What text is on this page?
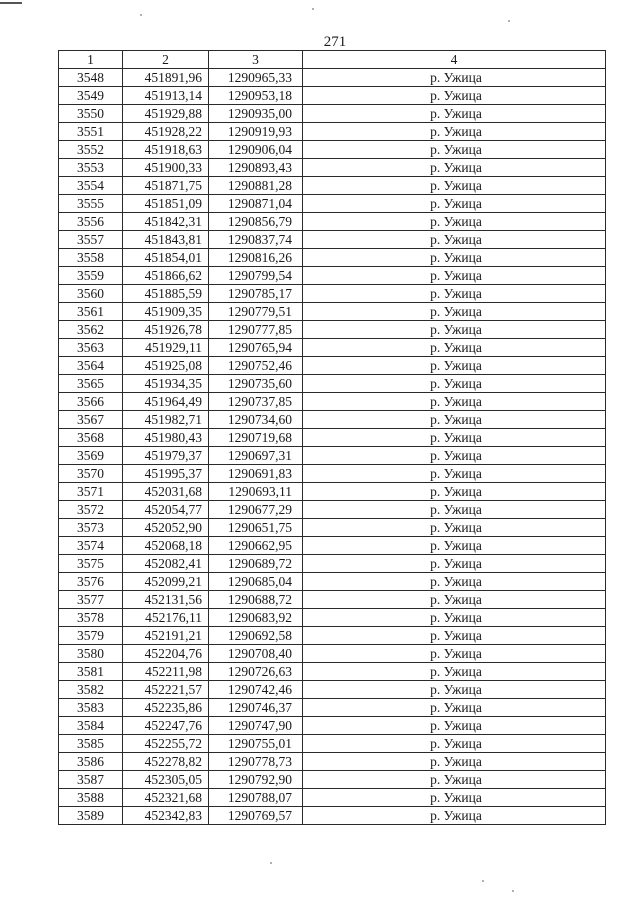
271
1	2	3	4
3548	451891,96	1290965,33	р. Ужица
3549	451913,14	1290953,18	р. Ужица
3550	451929,88	1290935,00	р. Ужица
3551	451928,22	1290919,93	р. Ужица
3552	451918,63	1290906,04	р. Ужица
3553	451900,33	1290893,43	р. Ужица
3554	451871,75	1290881,28	р. Ужица
3555	451851,09	1290871,04	р. Ужица
3556	451842,31	1290856,79	р. Ужица
3557	451843,81	1290837,74	р. Ужица
3558	451854,01	1290816,26	р. Ужица
3559	451866,62	1290799,54	р. Ужица
3560	451885,59	1290785,17	р. Ужица
3561	451909,35	1290779,51	р. Ужица
3562	451926,78	1290777,85	р. Ужица
3563	451929,11	1290765,94	р. Ужица
3564	451925,08	1290752,46	р. Ужица
3565	451934,35	1290735,60	р. Ужица
3566	451964,49	1290737,85	р. Ужица
3567	451982,71	1290734,60	р. Ужица
3568	451980,43	1290719,68	р. Ужица
3569	451979,37	1290697,31	р. Ужица
3570	451995,37	1290691,83	р. Ужица
3571	452031,68	1290693,11	р. Ужица
3572	452054,77	1290677,29	р. Ужица
3573	452052,90	1290651,75	р. Ужица
3574	452068,18	1290662,95	р. Ужица
3575	452082,41	1290689,72	р. Ужица
3576	452099,21	1290685,04	р. Ужица
3577	452131,56	1290688,72	р. Ужица
3578	452176,11	1290683,92	р. Ужица
3579	452191,21	1290692,58	р. Ужица
3580	452204,76	1290708,40	р. Ужица
3581	452211,98	1290726,63	р. Ужица
3582	452221,57	1290742,46	р. Ужица
3583	452235,86	1290746,37	р. Ужица
3584	452247,76	1290747,90	р. Ужица
3585	452255,72	1290755,01	р. Ужица
3586	452278,82	1290778,73	р. Ужица
3587	452305,05	1290792,90	р. Ужица
3588	452321,68	1290788,07	р. Ужица
3589	452342,83	1290769,57	р. Ужица
